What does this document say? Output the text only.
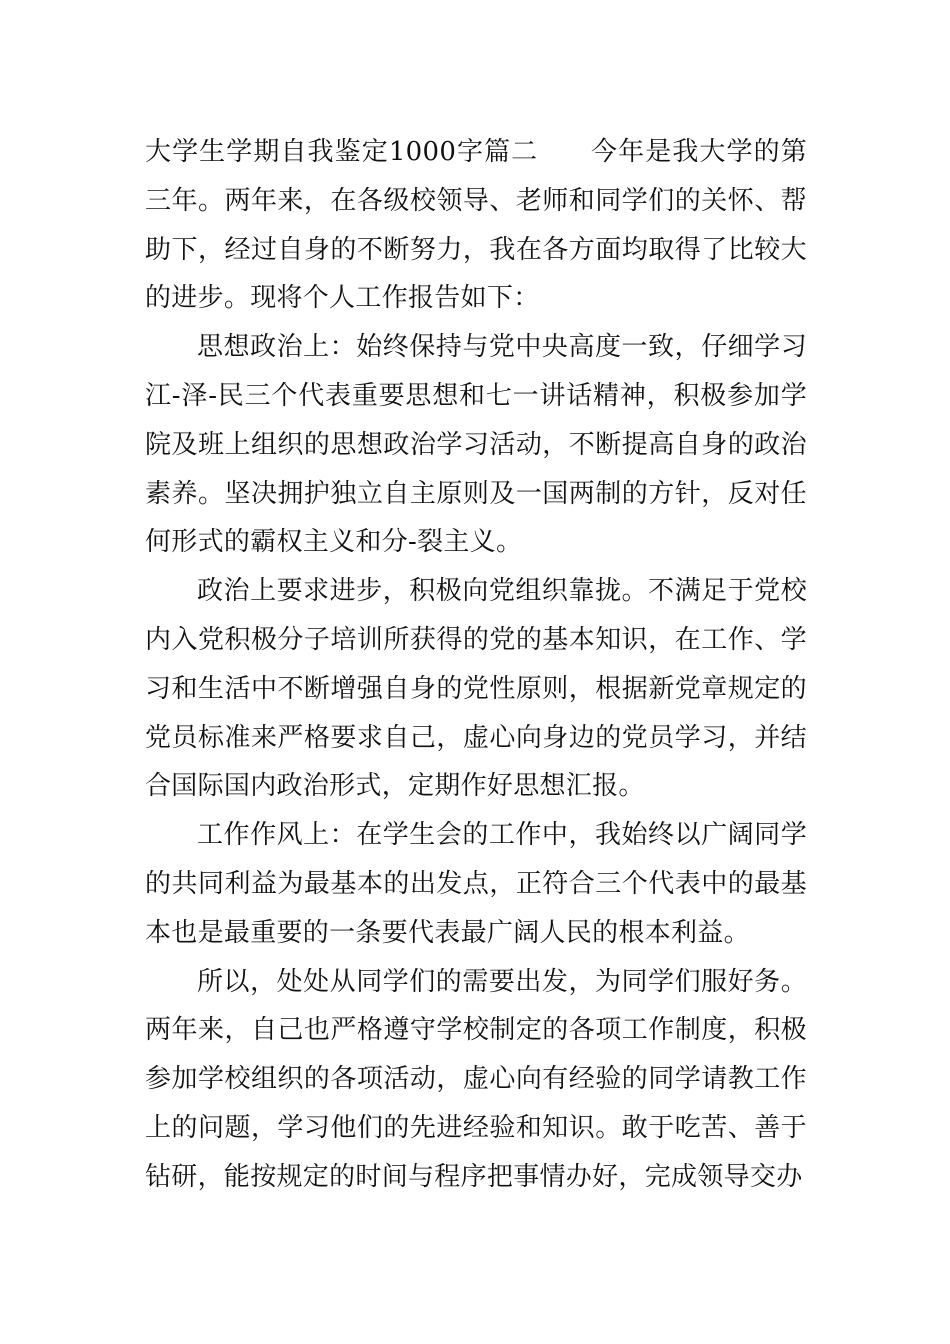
大学生学期自我鉴定1000字篇二 今年是我大学的第三年。两年来，在各级校领导、老师和同学们的关怀、帮助下，经过自身的不断努力，我在各方面均取得了比较大的进步。现将个人工作报告如下：

思想政治上：始终保持与党中央高度一致，仔细学习江-泽-民三个代表重要思想和七一讲话精神，积极参加学院及班上组织的思想政治学习活动，不断提高自身的政治素养。坚决拥护独立自主原则及一国两制的方针，反对任何形式的霸权主义和分-裂主义。

政治上要求进步，积极向党组织靠拢。不满足于党校内入党积极分子培训所获得的党的基本知识，在工作、学习和生活中不断增强自身的党性原则，根据新党章规定的党员标准来严格要求自己，虚心向身边的党员学习，并结合国际国内政治形式，定期作好思想汇报。

工作作风上：在学生会的工作中，我始终以广阔同学的共同利益为最基本的出发点，正符合三个代表中的最基本也是最重要的一条要代表最广阔人民的根本利益。

所以，处处从同学们的需要出发，为同学们服好务。两年来，自己也严格遵守学校制定的各项工作制度，积极参加学校组织的各项活动，虚心向有经验的同学请教工作上的问题，学习他们的先进经验和知识。敢于吃苦、善于钻研，能按规定的时间与程序把事情办好，完成领导交办
